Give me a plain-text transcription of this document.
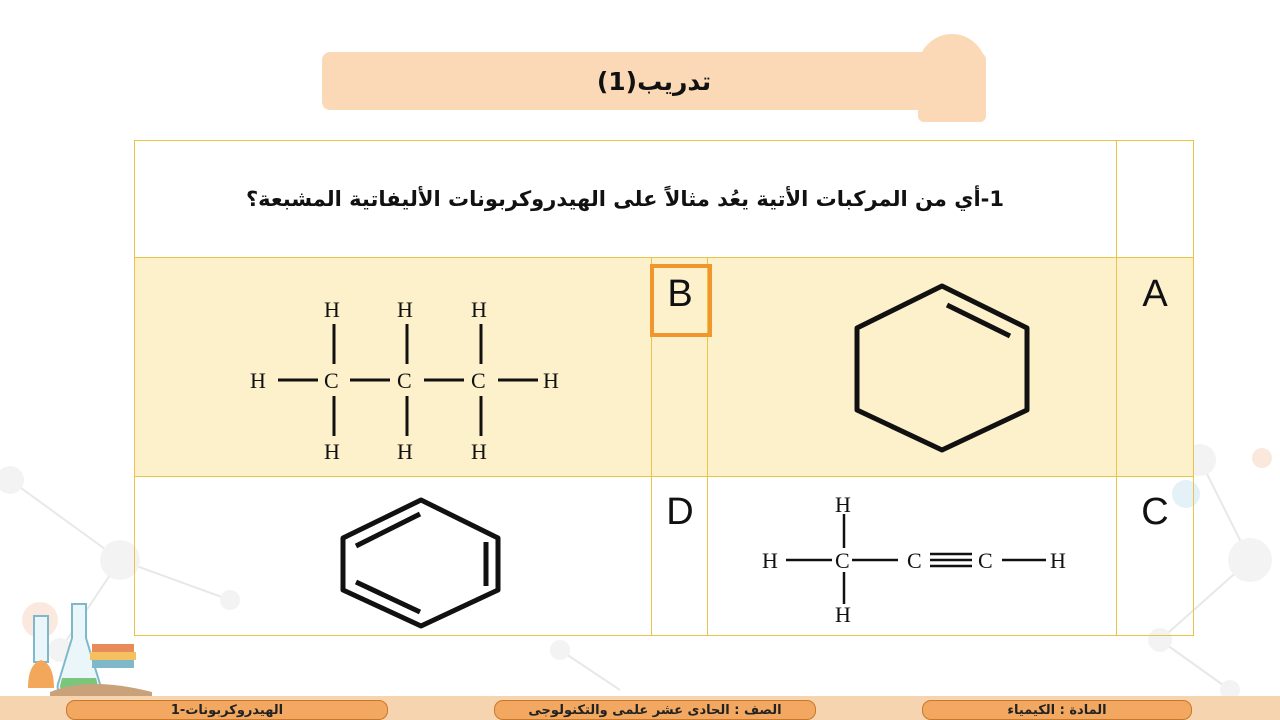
تدريب(1)
1-أي من المركبات الأتية يعُد مثالاً على الهيدروكربونات الأليفاتية المشبعة؟
A
B
C
D
H	H	H
H	C	C	C	H
H	H	H
H
H	C	C	C	H
H
المادة : الكيمياء
الصف : الحادى عشر علمى والتكنولوجى
الهيدروكربونات-1
